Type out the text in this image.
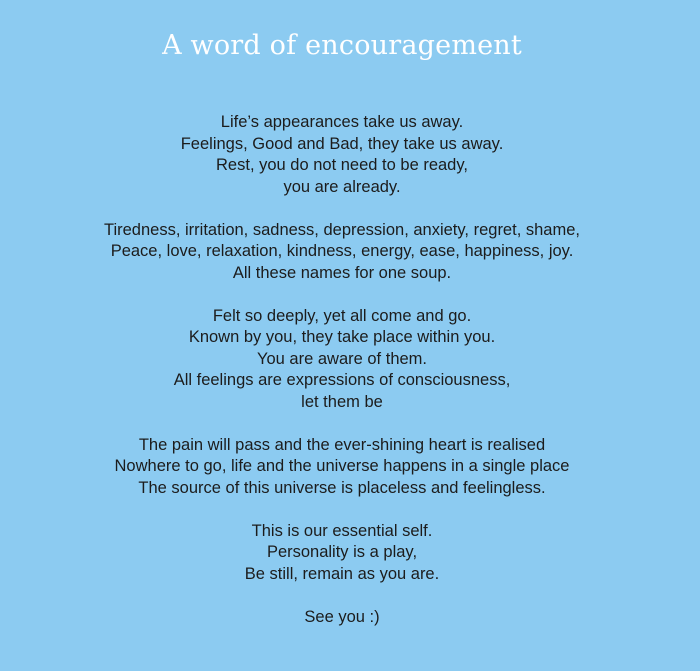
A word of encouragement

Life’s appearances take us away.
Feelings, Good and Bad, they take us away.
Rest, you do not need to be ready,
you are already.

Tiredness, irritation, sadness, depression, anxiety, regret, shame,
Peace, love, relaxation, kindness, energy, ease, happiness, joy.
All these names for one soup.

Felt so deeply, yet all come and go.
Known by you, they take place within you.
You are aware of them.
All feelings are expressions of consciousness,
let them be

The pain will pass and the ever-shining heart is realised
Nowhere to go, life and the universe happens in a single place
The source of this universe is placeless and feelingless.

This is our essential self.
Personality is a play,
Be still, remain as you are.

See you :)
